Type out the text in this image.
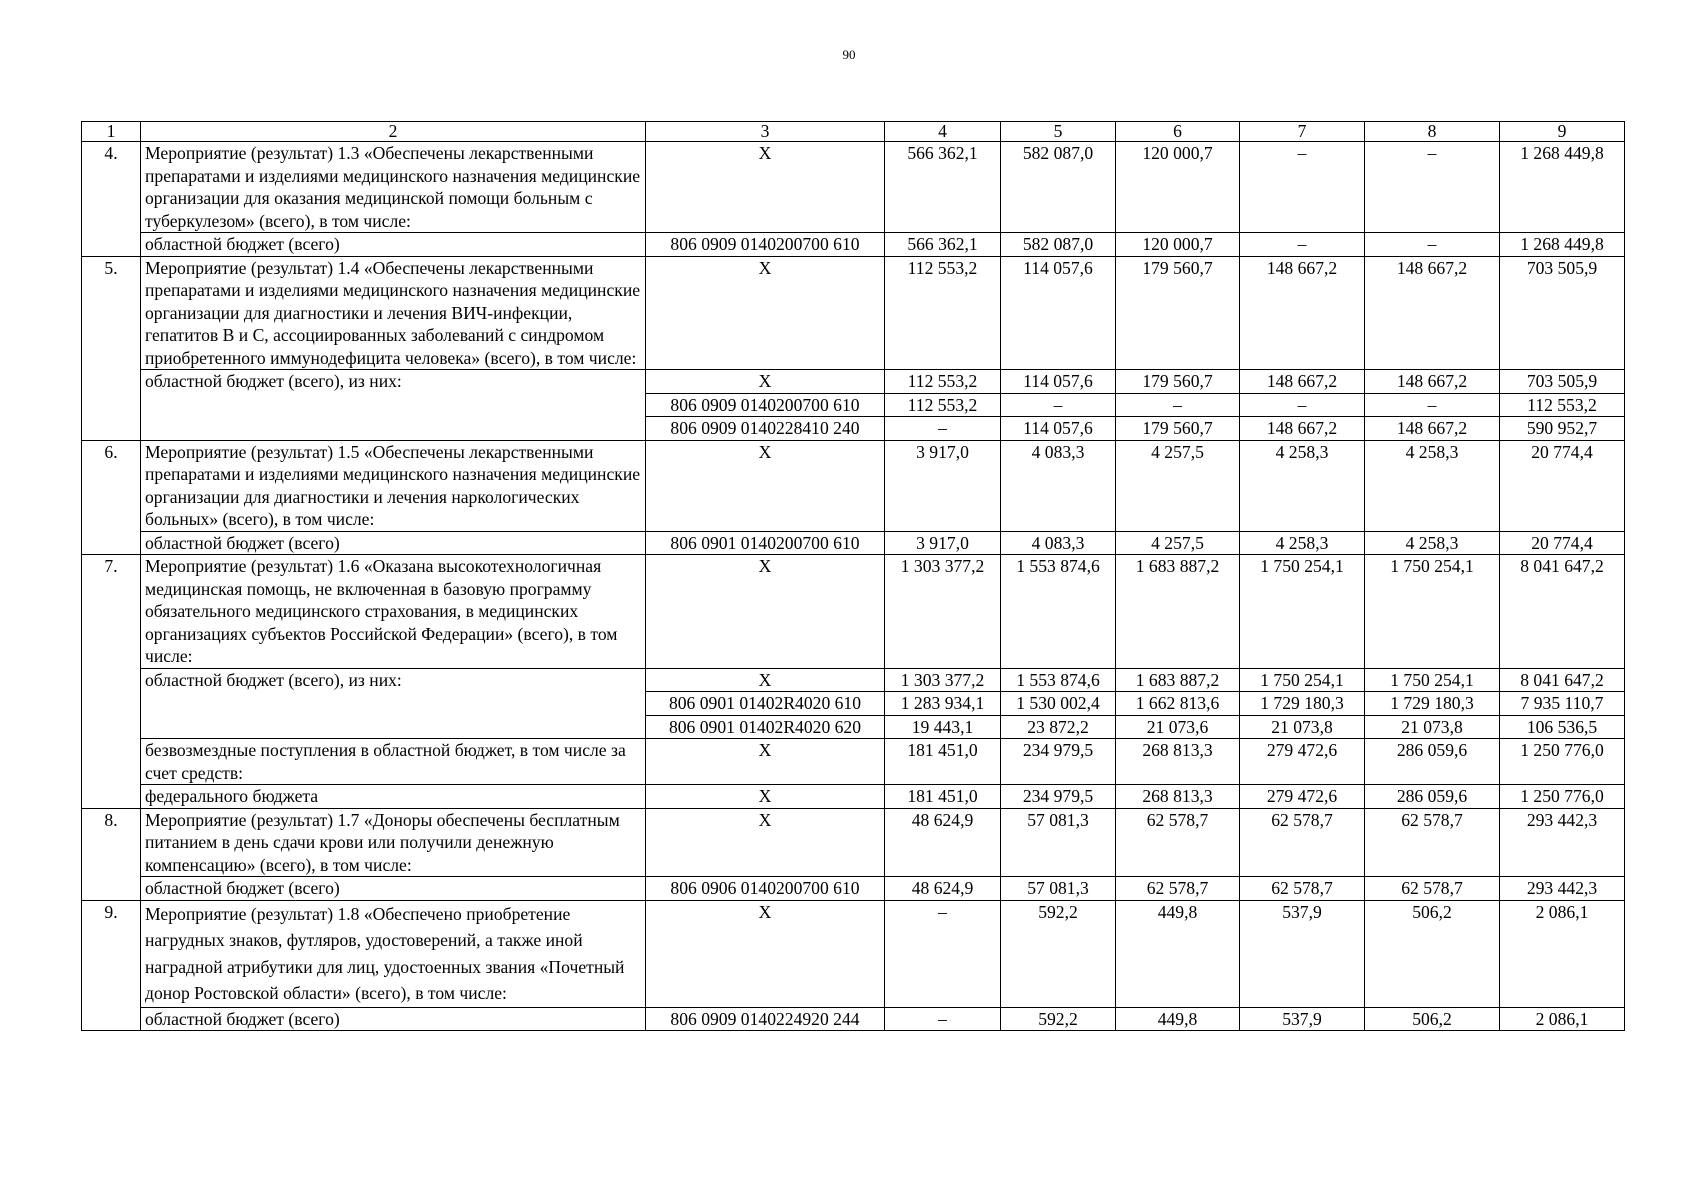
90
1	2	3	4	5	6	7	8	9
4.	Мероприятие (результат) 1.3 «Обеспечены лекарственными препаратами и изделиями медицинского назначения медицинские организации для оказания медицинской помощи больным с туберкулезом» (всего), в том числе:	Х	566 362,1	582 087,0	120 000,7	–	–	1 268 449,8
	областной бюджет (всего)	806 0909 0140200700 610	566 362,1	582 087,0	120 000,7	–	–	1 268 449,8
5.	Мероприятие (результат) 1.4 «Обеспечены лекарственными препаратами и изделиями медицинского назначения медицинские организации для диагностики и лечения ВИЧ-инфекции, гепатитов В и С, ассоциированных заболеваний с синдромом приобретенного иммунодефицита человека» (всего), в том числе:	Х	112 553,2	114 057,6	179 560,7	148 667,2	148 667,2	703 505,9
	областной бюджет (всего), из них:	Х	112 553,2	114 057,6	179 560,7	148 667,2	148 667,2	703 505,9
		806 0909 0140200700 610	112 553,2	–	–	–	–	112 553,2
		806 0909 0140228410 240	–	114 057,6	179 560,7	148 667,2	148 667,2	590 952,7
6.	Мероприятие (результат) 1.5 «Обеспечены лекарственными препаратами и изделиями медицинского назначения медицинские организации для диагностики и лечения наркологических больных» (всего), в том числе:	Х	3 917,0	4 083,3	4 257,5	4 258,3	4 258,3	20 774,4
	областной бюджет (всего)	806 0901 0140200700 610	3 917,0	4 083,3	4 257,5	4 258,3	4 258,3	20 774,4
7.	Мероприятие (результат) 1.6 «Оказана высокотехнологичная медицинская помощь, не включенная в базовую программу обязательного медицинского страхования, в медицинских организациях субъектов Российской Федерации» (всего), в том числе:	Х	1 303 377,2	1 553 874,6	1 683 887,2	1 750 254,1	1 750 254,1	8 041 647,2
	областной бюджет (всего), из них:	Х	1 303 377,2	1 553 874,6	1 683 887,2	1 750 254,1	1 750 254,1	8 041 647,2
		806 0901 01402R4020 610	1 283 934,1	1 530 002,4	1 662 813,6	1 729 180,3	1 729 180,3	7 935 110,7
		806 0901 01402R4020 620	19 443,1	23 872,2	21 073,6	21 073,8	21 073,8	106 536,5
	безвозмездные поступления в областной бюджет, в том числе за счет средств:	Х	181 451,0	234 979,5	268 813,3	279 472,6	286 059,6	1 250 776,0
	федерального бюджета	Х	181 451,0	234 979,5	268 813,3	279 472,6	286 059,6	1 250 776,0
8.	Мероприятие (результат) 1.7 «Доноры обеспечены бесплатным питанием в день сдачи крови или получили денежную компенсацию» (всего), в том числе:	Х	48 624,9	57 081,3	62 578,7	62 578,7	62 578,7	293 442,3
	областной бюджет (всего)	806 0906 0140200700 610	48 624,9	57 081,3	62 578,7	62 578,7	62 578,7	293 442,3
9.	Мероприятие (результат) 1.8 «Обеспечено приобретение нагрудных знаков, футляров, удостоверений, а также иной наградной атрибутики для лиц, удостоенных звания «Почетный донор Ростовской области» (всего), в том числе:	Х	–	592,2	449,8	537,9	506,2	2 086,1
	областной бюджет (всего)	806 0909 0140224920 244	–	592,2	449,8	537,9	506,2	2 086,1
